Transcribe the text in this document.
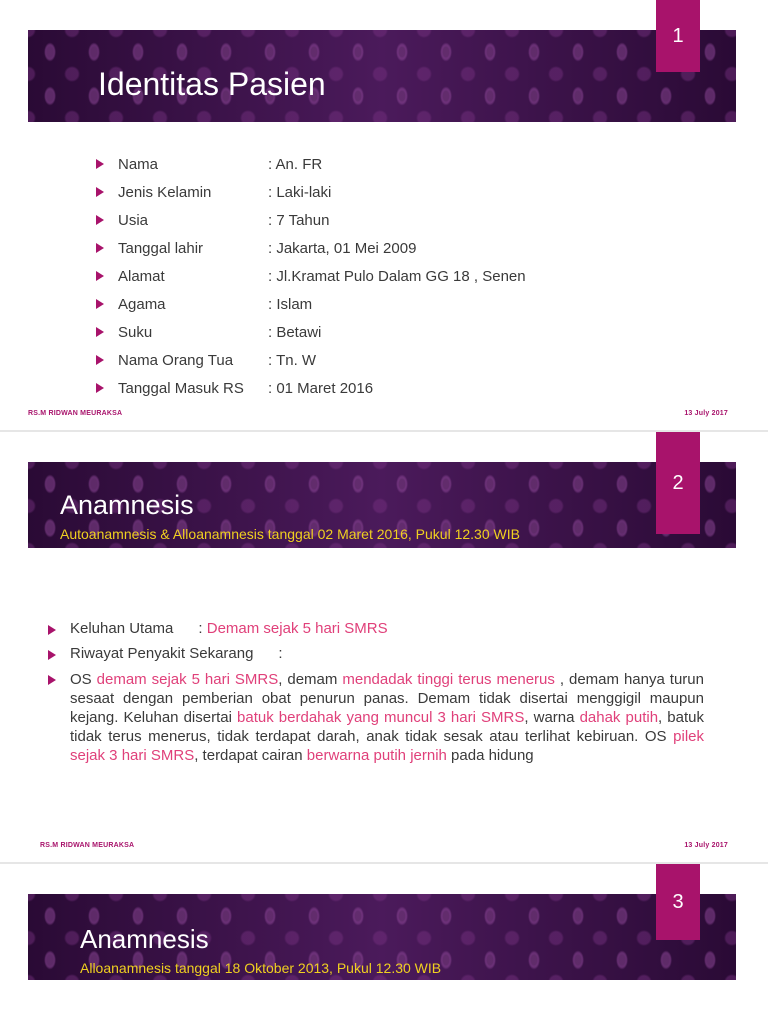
1
Identitas Pasien
Nama	: An. FR
Jenis Kelamin	: Laki-laki
Usia	: 7 Tahun
Tanggal lahir	: Jakarta, 01 Mei 2009
Alamat	: Jl.Kramat Pulo Dalam GG 18 , Senen
Agama	: Islam
Suku	: Betawi
Nama Orang Tua	: Tn. W
Tanggal Masuk RS	: 01 Maret 2016
RS.M RIDWAN MEURAKSA	13 July 2017
2
Anamnesis
Autoanamnesis & Alloanamnesis tanggal 02 Maret 2016, Pukul 12.30 WIB
Keluhan Utama      : Demam sejak 5 hari SMRS
Riwayat Penyakit Sekarang      :
OS demam sejak 5 hari SMRS, demam mendadak tinggi terus menerus , demam hanya turun sesaat dengan pemberian obat penurun panas. Demam tidak disertai menggigil maupun kejang. Keluhan disertai batuk berdahak yang muncul 3 hari SMRS, warna dahak putih, batuk tidak terus menerus, tidak terdapat darah, anak tidak sesak atau terlihat kebiruan. OS pilek sejak 3 hari SMRS, terdapat cairan berwarna putih jernih pada hidung
RS.M RIDWAN MEURAKSA	13 July 2017
3
Anamnesis
Alloanamnesis tanggal 18 Oktober 2013, Pukul 12.30 WIB
